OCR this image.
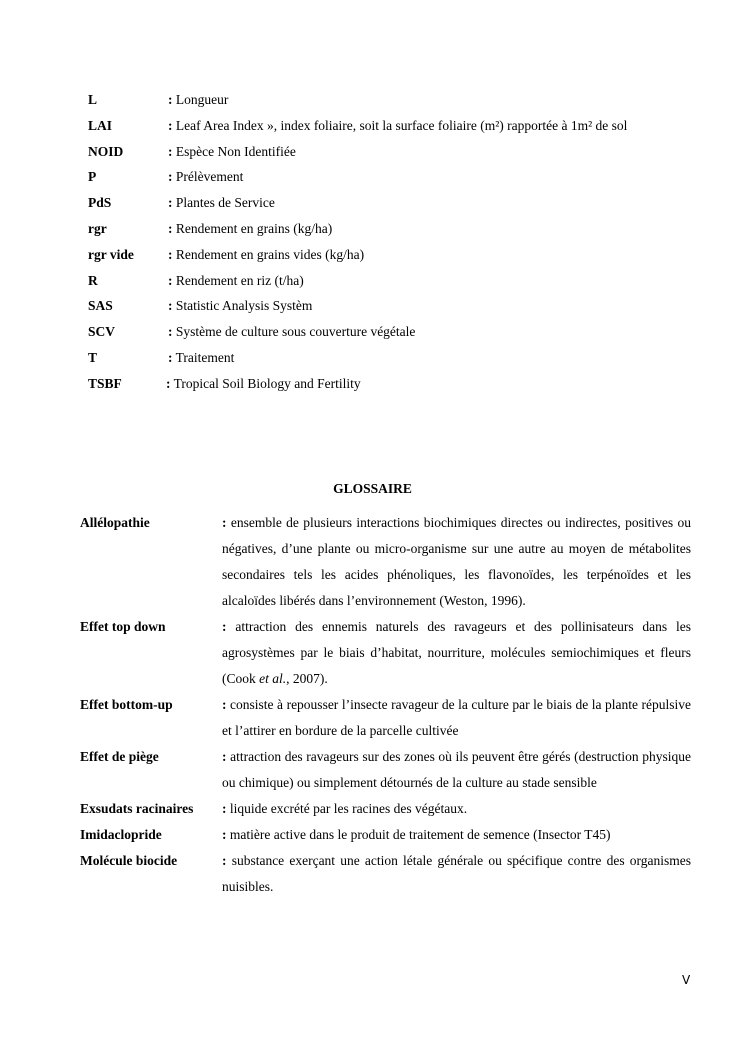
L	: Longueur
LAI	: Leaf Area Index », index foliaire, soit la surface foliaire (m²) rapportée à 1m² de sol
NOID	: Espèce Non Identifiée
P	: Prélèvement
PdS	: Plantes de Service
rgr	: Rendement en grains (kg/ha)
rgr vide	: Rendement en grains vides (kg/ha)
R	: Rendement en riz (t/ha)
SAS	: Statistic Analysis Systèm
SCV	: Système de culture sous couverture végétale
T	: Traitement
TSBF	: Tropical Soil Biology and Fertility
GLOSSAIRE
Allélopathie	: ensemble de plusieurs interactions biochimiques directes ou indirectes, positives ou négatives, d’une plante ou micro-organisme sur une autre au moyen de métabolites secondaires tels les acides phénoliques, les flavonoïdes, les terpénoïdes et les alcaloïdes libérés dans l’environnement (Weston, 1996).
Effet top down	: attraction des ennemis naturels des ravageurs et des pollinisateurs dans les agrosystèmes par le biais d’habitat, nourriture, molécules semiochimiques et fleurs (Cook et al., 2007).
Effet bottom-up	: consiste à repousser l’insecte ravageur de la culture par le biais de la plante répulsive et l’attirer en bordure de la parcelle cultivée
Effet de piège	: attraction des ravageurs sur des zones où ils peuvent être gérés (destruction physique ou chimique) ou simplement détournés de la culture au stade sensible
Exsudats racinaires : liquide excrété par les racines des végétaux.
Imidaclopride	: matière active dans le produit de traitement de semence (Insector T45)
Molécule biocide	: substance exerçant une action létale générale ou spécifique contre des organismes nuisibles.
V
